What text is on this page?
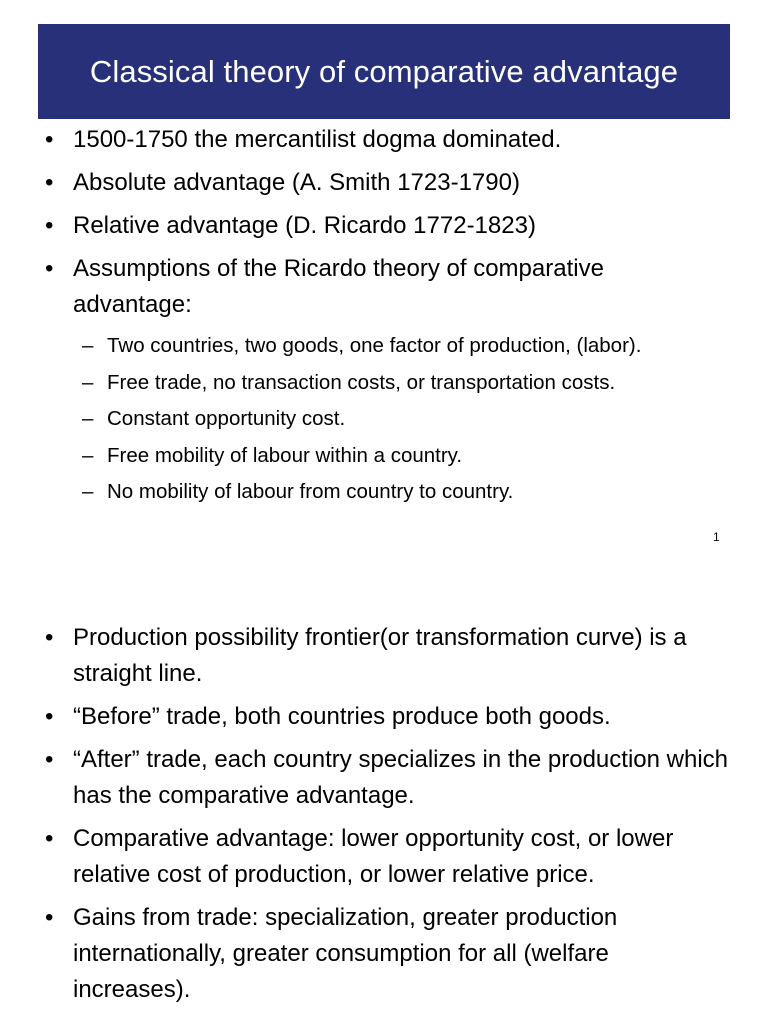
Classical theory of comparative advantage
• 1500-1750 the mercantilist dogma dominated.
• Absolute advantage (A. Smith 1723-1790)
• Relative advantage (D. Ricardo 1772-1823)
• Assumptions of the Ricardo theory of comparative advantage:
– Two countries, two goods, one factor of production, (labor).
– Free trade, no transaction costs, or transportation costs.
– Constant opportunity cost.
– Free mobility of labour within a country.
– No mobility of labour from country to country.
1
• Production possibility frontier(or transformation curve) is a straight line.
• “Before” trade, both countries produce both goods.
• “After” trade, each country specializes in the production which has the comparative advantage.
• Comparative advantage: lower opportunity cost, or lower relative cost of production, or lower relative price.
• Gains from trade: specialization, greater production internationally, greater consumption for all (welfare increases).
